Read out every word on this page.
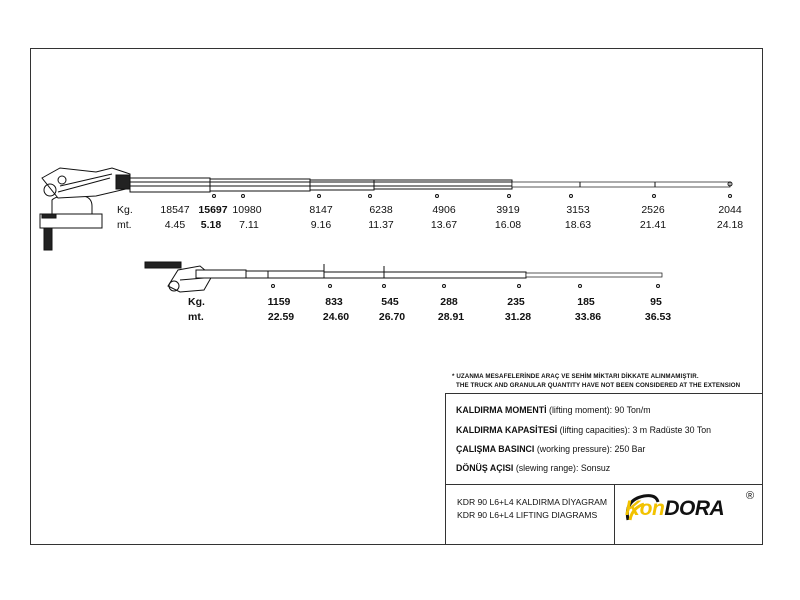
Kg.
mt.
18547 15697 10980	8147	6238	4906	3919	3153	2526	2044
4.45 5.18 7.11	9.16	11.37	13.67	16.08	18.63	21.41	24.18
Kg.
mt.
1159	833	545	288	235	185	95
22.59	24.60	26.70	28.91	31.28	33.86	36.53
* UZANMA MESAFELERİNDE ARAÇ VE SEHİM MİKTARI DİKKATE ALINMAMIŞTIR.
THE TRUCK AND GRANULAR QUANTITY HAVE NOT BEEN CONSIDERED AT THE EXTENSION
KALDIRMA MOMENTİ (lifting moment): 90 Ton/m
KALDIRMA KAPASİTESİ (lifting capacities): 3 m Radüste 30 Ton
ÇALIŞMA BASINCI (working pressure): 250 Bar
DÖNÜŞ AÇISI (slewing range): Sonsuz
KDR 90 L6+L4 KALDIRMA DİYAGRAM
KDR 90 L6+L4 LIFTING DIAGRAMS KonDORA
®
